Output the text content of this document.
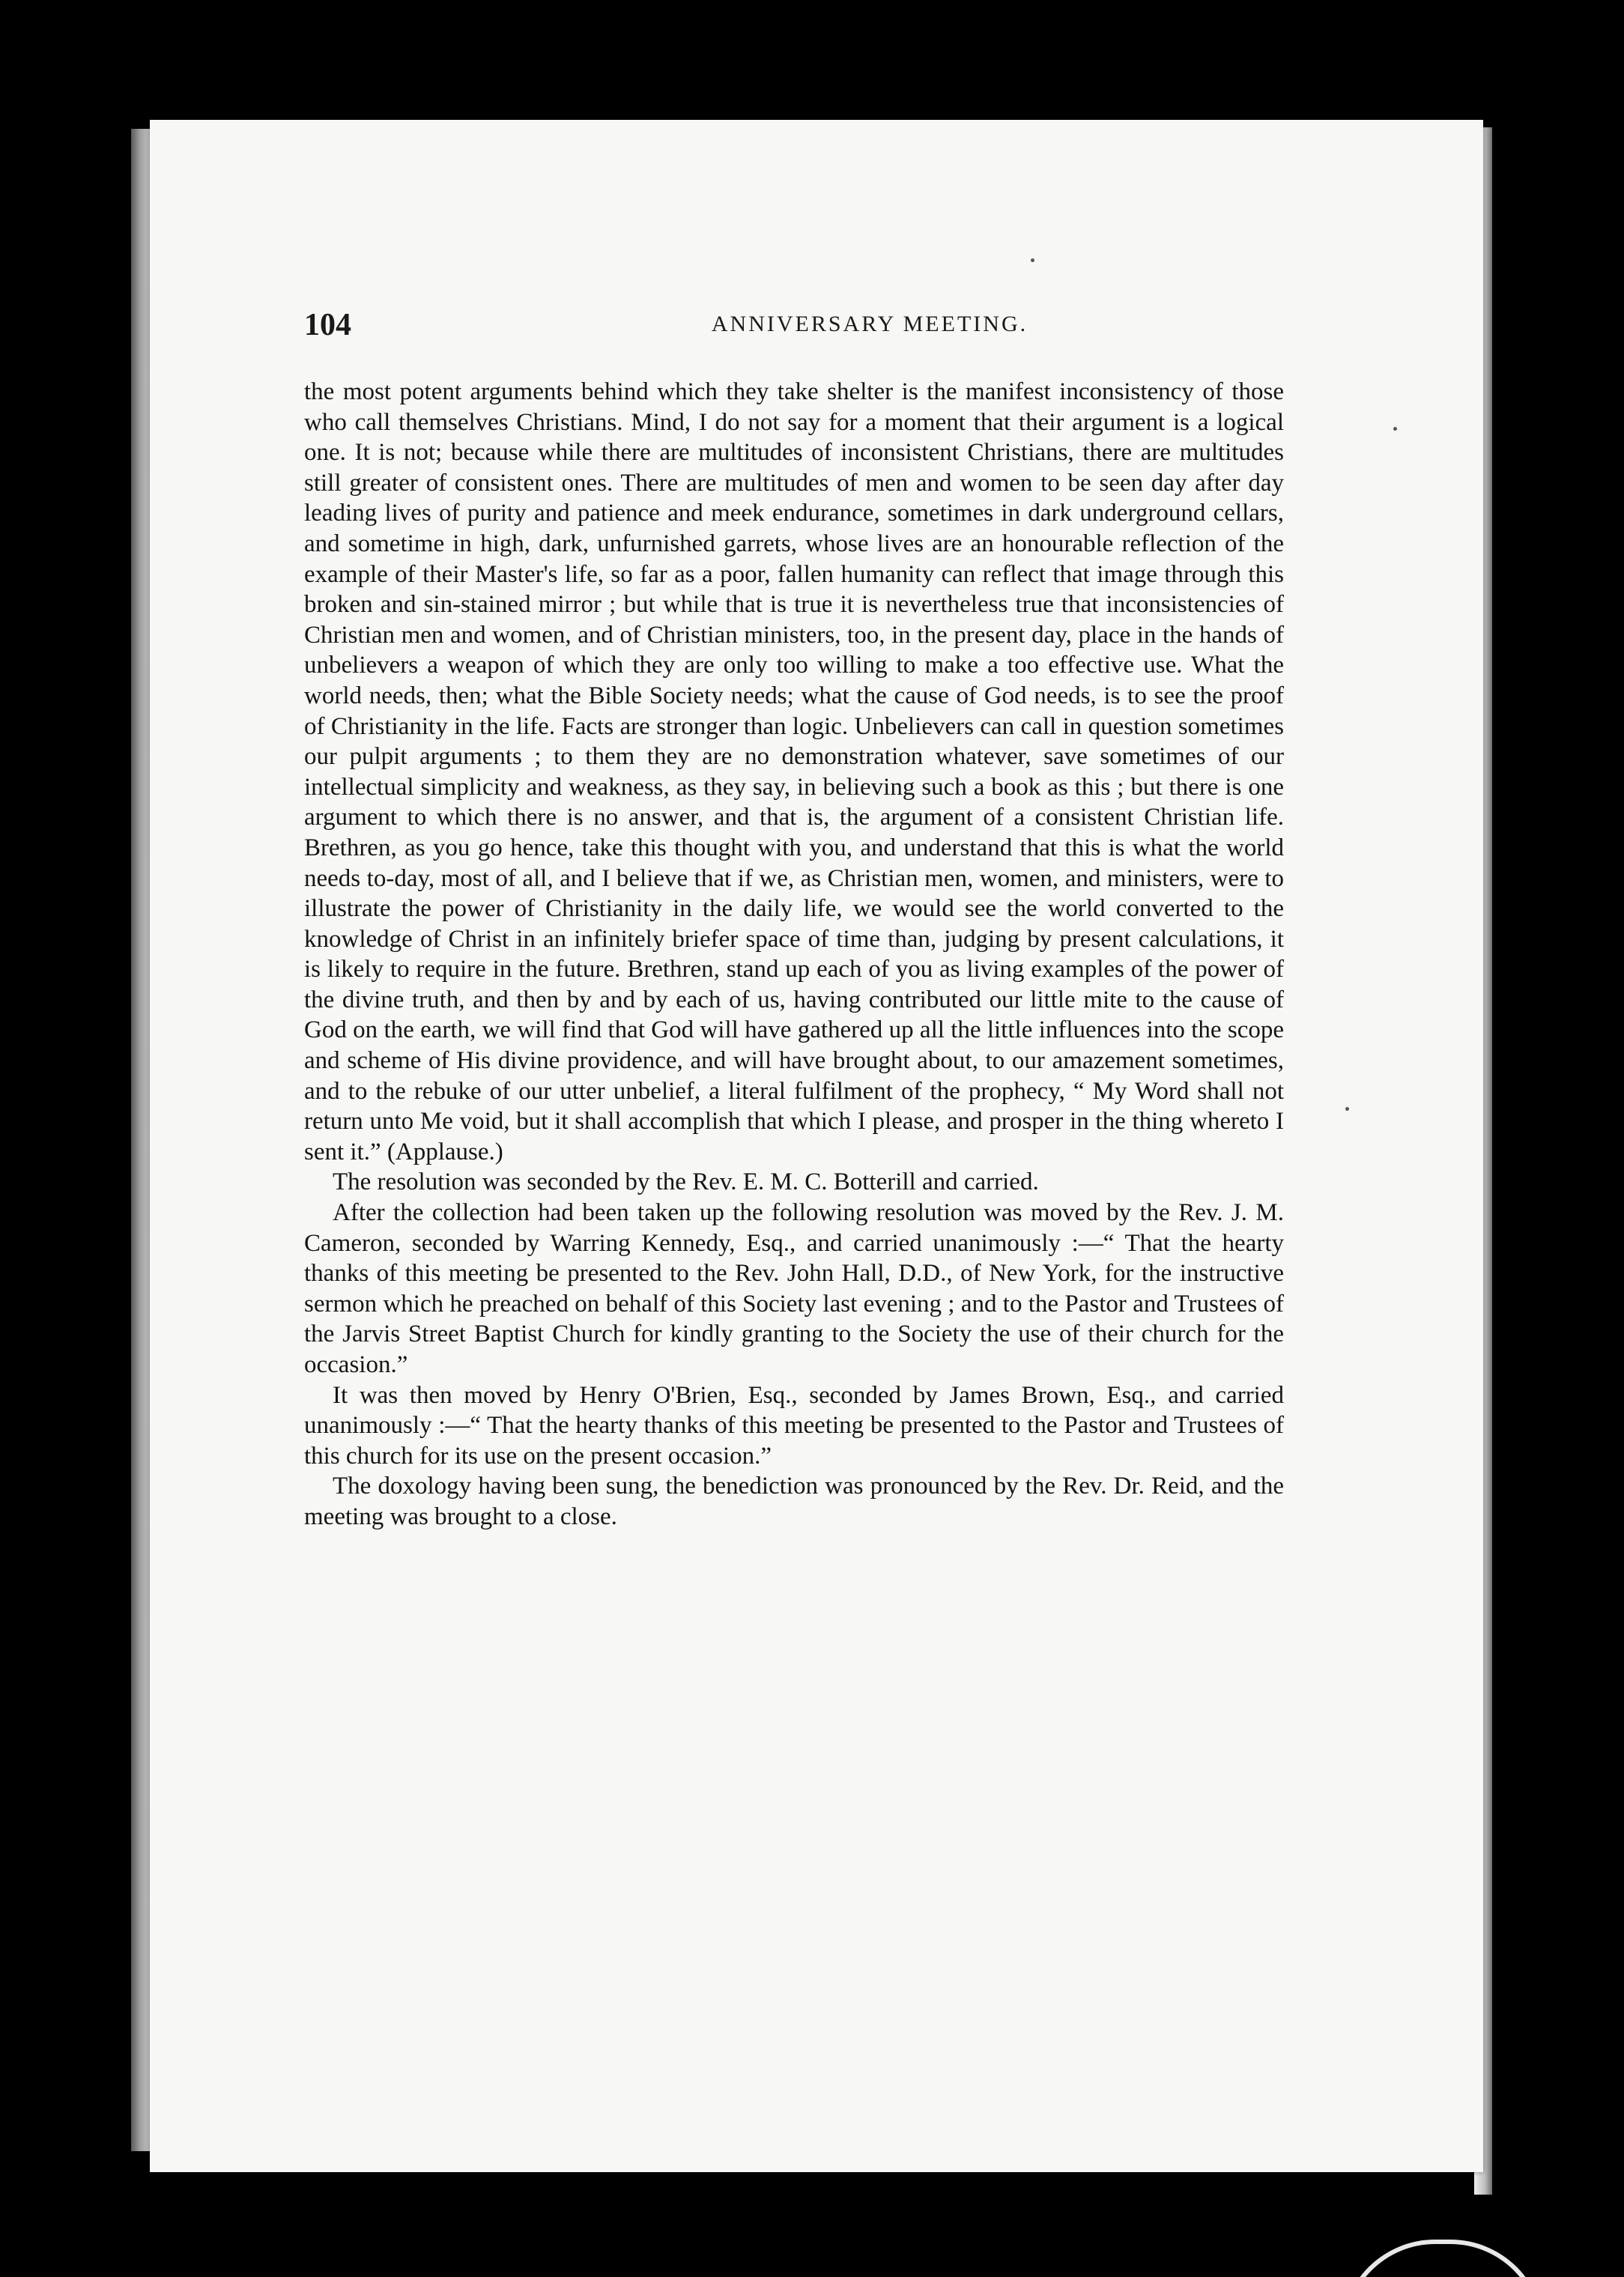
104	ANNIVERSARY MEETING.

the most potent arguments behind which they take shelter is the manifest inconsistency of those who call themselves Christians. Mind, I do not say for a moment that their argument is a logical one. It is not; because while there are multitudes of inconsistent Christians, there are multitudes still greater of consistent ones. There are multitudes of men and women to be seen day after day leading lives of purity and patience and meek endurance, sometimes in dark underground cellars, and sometime in high, dark, unfurnished garrets, whose lives are an honourable reflection of the example of their Master's life, so far as a poor, fallen humanity can reflect that image through this broken and sin-stained mirror ; but while that is true it is nevertheless true that inconsistencies of Christian men and women, and of Christian ministers, too, in the present day, place in the hands of unbelievers a weapon of which they are only too willing to make a too effective use. What the world needs, then; what the Bible Society needs; what the cause of God needs, is to see the proof of Christianity in the life. Facts are stronger than logic. Unbelievers can call in question sometimes our pulpit arguments ; to them they are no demonstration whatever, save sometimes of our intellectual simplicity and weakness, as they say, in believing such a book as this ; but there is one argument to which there is no answer, and that is, the argument of a consistent Christian life. Brethren, as you go hence, take this thought with you, and understand that this is what the world needs to-day, most of all, and I believe that if we, as Christian men, women, and ministers, were to illustrate the power of Christianity in the daily life, we would see the world converted to the knowledge of Christ in an infinitely briefer space of time than, judging by present calculations, it is likely to require in the future. Brethren, stand up each of you as living examples of the power of the divine truth, and then by and by each of us, having contributed our little mite to the cause of God on the earth, we will find that God will have gathered up all the little influences into the scope and scheme of His divine providence, and will have brought about, to our amazement sometimes, and to the rebuke of our utter unbelief, a literal fulfilment of the prophecy, “ My Word shall not return unto Me void, but it shall accomplish that which I please, and prosper in the thing whereto I sent it.” (Applause.)

The resolution was seconded by the Rev. E. M. C. Botterill and carried.

After the collection had been taken up the following resolution was moved by the Rev. J. M. Cameron, seconded by Warring Kennedy, Esq., and carried unanimously :—“ That the hearty thanks of this meeting be presented to the Rev. John Hall, D.D., of New York, for the instructive sermon which he preached on behalf of this Society last evening ; and to the Pastor and Trustees of the Jarvis Street Baptist Church for kindly granting to the Society the use of their church for the occasion.”

It was then moved by Henry O'Brien, Esq., seconded by James Brown, Esq., and carried unanimously :—“ That the hearty thanks of this meeting be presented to the Pastor and Trustees of this church for its use on the present occasion.”

The doxology having been sung, the benediction was pronounced by the Rev. Dr. Reid, and the meeting was brought to a close.
